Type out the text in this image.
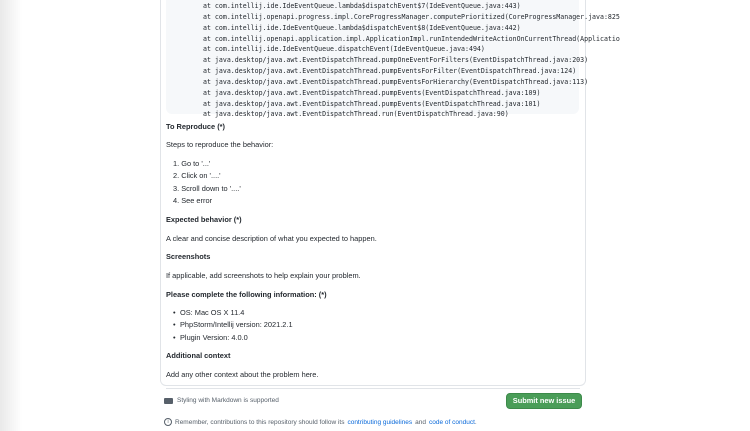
at com.intellij.ide.IdeEventQueue.lambda$dispatchEvent$7(IdeEventQueue.java:443)
at com.intellij.openapi.progress.impl.CoreProgressManager.computePrioritized(CoreProgressManager.java:825
at com.intellij.ide.IdeEventQueue.lambda$dispatchEvent$8(IdeEventQueue.java:442)
at com.intellij.openapi.application.impl.ApplicationImpl.runIntendedWriteActionOnCurrentThread(Applicatio
at com.intellij.ide.IdeEventQueue.dispatchEvent(IdeEventQueue.java:494)
at java.desktop/java.awt.EventDispatchThread.pumpOneEventForFilters(EventDispatchThread.java:203)
at java.desktop/java.awt.EventDispatchThread.pumpEventsForFilter(EventDispatchThread.java:124)
at java.desktop/java.awt.EventDispatchThread.pumpEventsForHierarchy(EventDispatchThread.java:113)
at java.desktop/java.awt.EventDispatchThread.pumpEvents(EventDispatchThread.java:109)
at java.desktop/java.awt.EventDispatchThread.pumpEvents(EventDispatchThread.java:101)
at java.desktop/java.awt.EventDispatchThread.run(EventDispatchThread.java:90)
To Reproduce (*)
Steps to reproduce the behavior:
1. Go to '...'
2. Click on '....'
3. Scroll down to '....'
4. See error
Expected behavior (*)
A clear and concise description of what you expected to happen.
Screenshots
If applicable, add screenshots to help explain your problem.
Please complete the following information: (*)
• OS: Mac OS X 11.4
• PhpStorm/Intellij version: 2021.2.1
• Plugin Version: 4.0.0
Additional context
Add any other context about the problem here.
Styling with Markdown is supported	Submit new issue
i Remember, contributions to this repository should follow its contributing guidelines and code of conduct .
